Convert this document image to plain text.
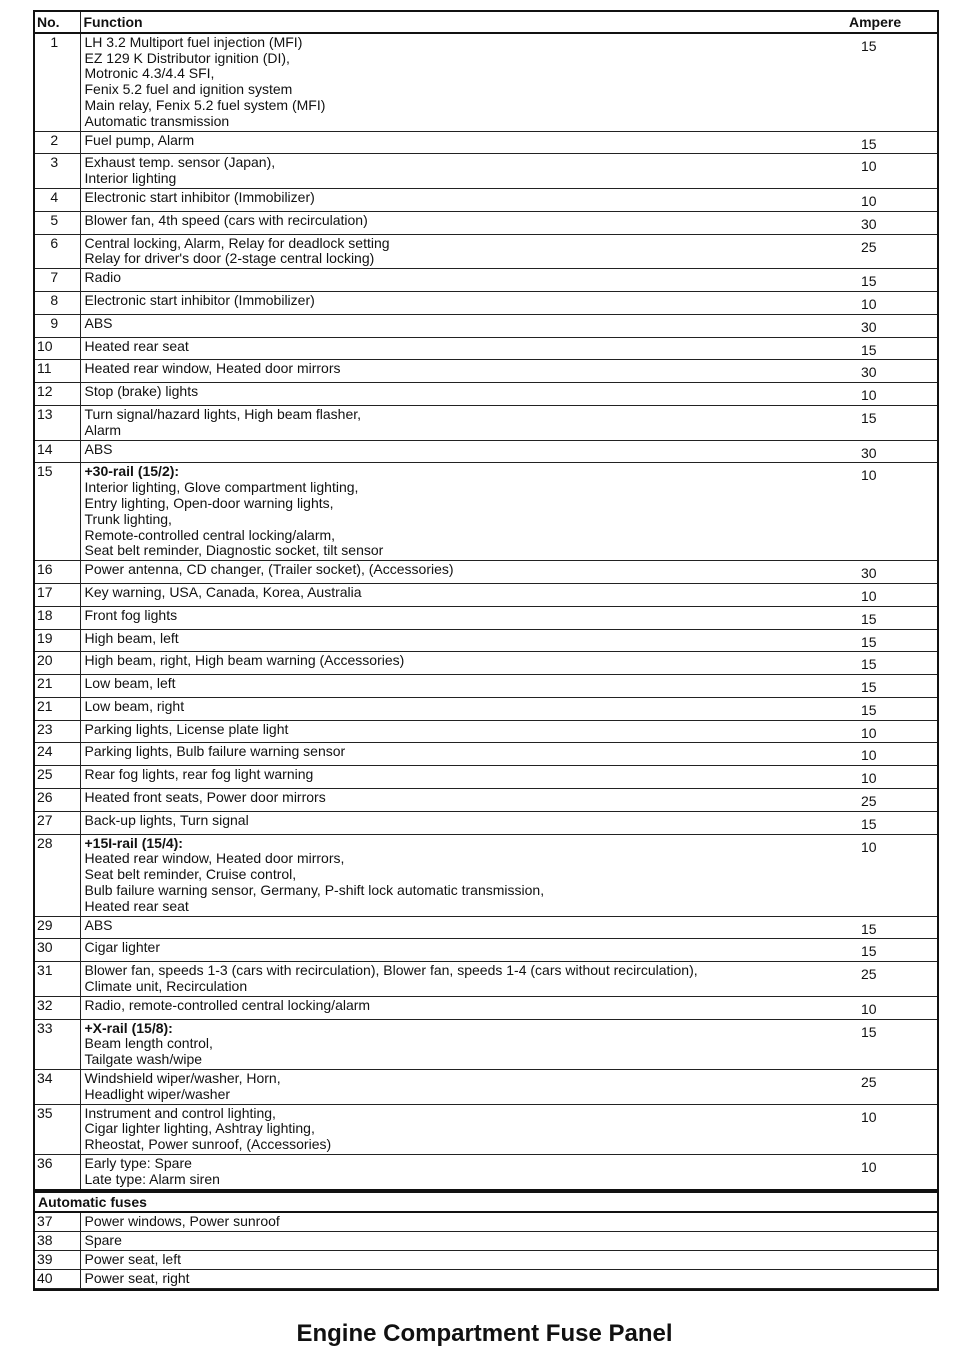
No.	Function	Ampere
1	LH 3.2 Multiport fuel injection (MFI)
EZ 129 K Distributor ignition (DI),
Motronic 4.3/4.4 SFI,
Fenix 5.2 fuel and ignition system
Main relay, Fenix 5.2 fuel system (MFI)
Automatic transmission
	15
2	Fuel pump, Alarm	15
3	Exhaust temp. sensor (Japan),
Interior lighting	10
4	Electronic start inhibitor (Immobilizer)	10
5	Blower fan, 4th speed (cars with recirculation)	30
6	Central locking, Alarm, Relay for deadlock setting
Relay for driver's door (2-stage central locking)	25
7	Radio	15
8	Electronic start inhibitor (Immobilizer)	10
9	ABS	30
10	Heated rear seat	15
11	Heated rear window, Heated door mirrors	30
12	Stop (brake) lights	10
13	Turn signal/hazard lights, High beam flasher,
Alarm	15
14	ABS	30
15	+30-rail (15/2):
Interior lighting, Glove compartment lighting,
Entry lighting, Open-door warning lights,
Trunk lighting,
Remote-controlled central locking/alarm,
Seat belt reminder, Diagnostic socket, tilt sensor
	10
16	Power antenna, CD changer, (Trailer socket), (Accessories)	30
17	Key warning, USA, Canada, Korea, Australia	10
18	Front fog lights	15
19	High beam, left	15
20	High beam, right, High beam warning (Accessories)	15
21	Low beam, left	15
21	Low beam, right	15
23	Parking lights, License plate light	10
24	Parking lights, Bulb failure warning sensor	10
25	Rear fog lights, rear fog light warning	10
26	Heated front seats, Power door mirrors	25
27	Back-up lights, Turn signal	15
28	+15I-rail (15/4):
Heated rear window, Heated door mirrors,
Seat belt reminder, Cruise control,
Bulb failure warning sensor, Germany, P-shift lock automatic transmission,
Heated rear seat	10
29	ABS	15
30	Cigar lighter	15
31	Blower fan, speeds 1-3 (cars with recirculation), Blower fan, speeds 1-4 (cars without recirculation),
Climate unit, Recirculation	25
32	Radio, remote-controlled central locking/alarm	10
33	+X-rail (15/8):
Beam length control,
Tailgate wash/wipe	15
34	Windshield wiper/washer, Horn,
Headlight wiper/washer	25
35	Instrument and control lighting,
Cigar lighter lighting, Ashtray lighting,
Rheostat, Power sunroof, (Accessories)	10
36	Early type: Spare
Late type: Alarm siren	10
Automatic fuses		
37	Power windows, Power sunroof	
38	Spare	
39	Power seat, left	
40	Power seat, right	
Engine Compartment Fuse Panel
